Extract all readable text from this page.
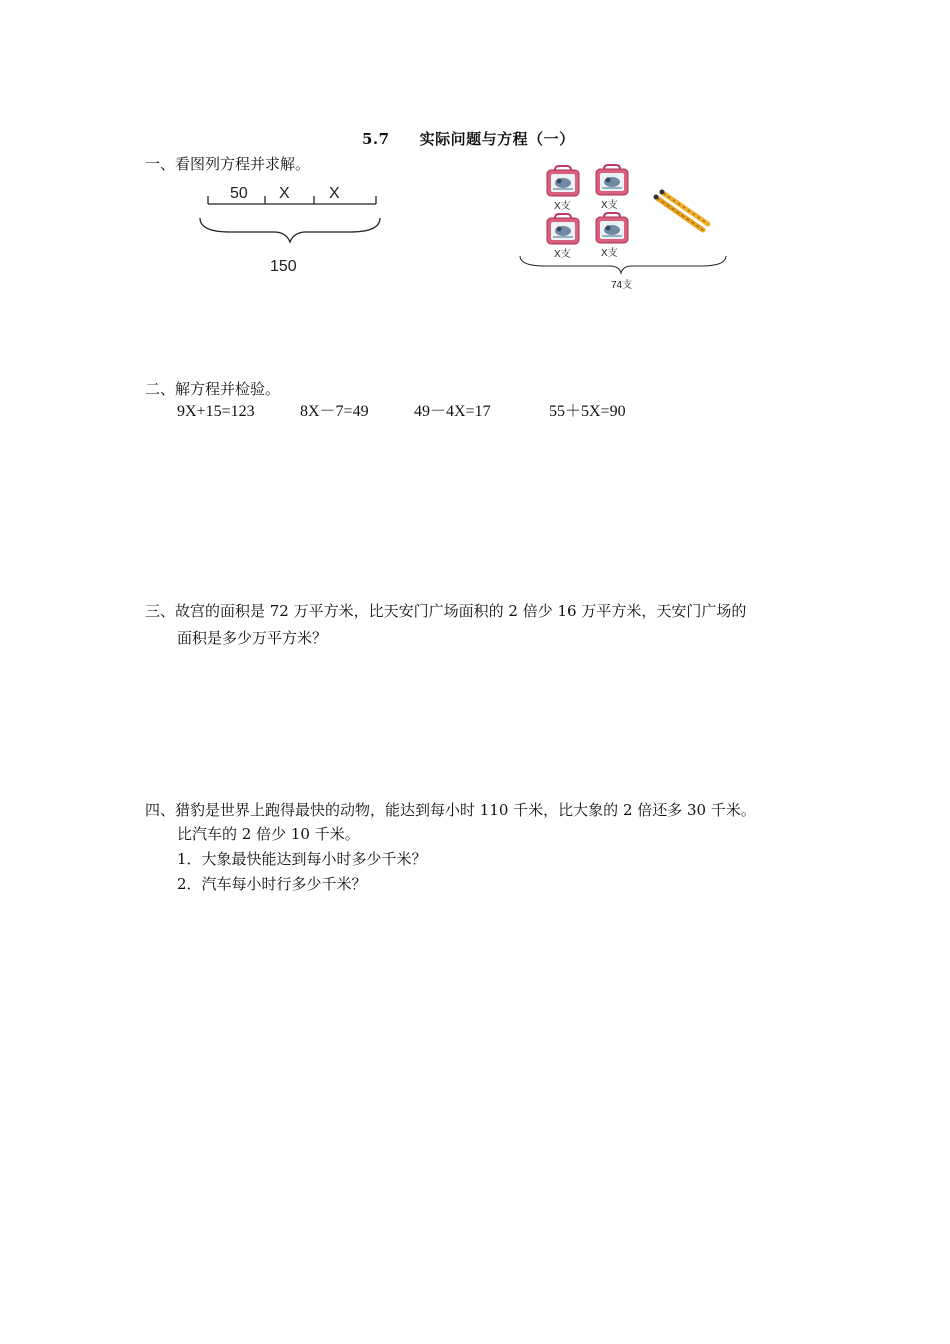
5.7 实际问题与方程（一）
一、看图列方程并求解。
50 X X
150
X支	X支
X支	X支
74支
二、解方程并检验。
9X+15=123	8X－7=49	49－4X=17	55＋5X=90
三、故宫的面积是 72 万平方米，比天安门广场面积的 2 倍少 16 万平方米，天安门广场的
面积是多少万平方米？
四、猎豹是世界上跑得最快的动物，能达到每小时 110 千米，比大象的 2 倍还多 30 千米。
比汽车的 2 倍少 10 千米。
1．大象最快能达到每小时多少千米？
2．汽车每小时行多少千米？
